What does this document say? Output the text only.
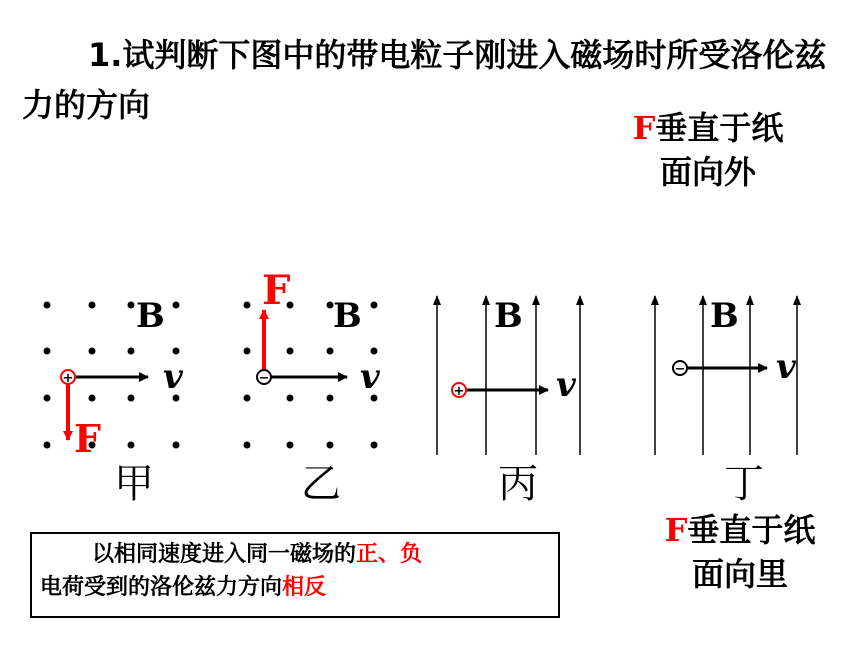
1.试判断下图中的带电粒子刚进入磁场时所受洛伦兹力的方向
F垂直于纸
面向外
+
B
v
F
−
F
B
v	+
B
v	−
B
v
甲	乙	丙	丁
F垂直于纸
面向里
以相同速度进入同一磁场的正、负
电荷受到的洛伦兹力方向相反
